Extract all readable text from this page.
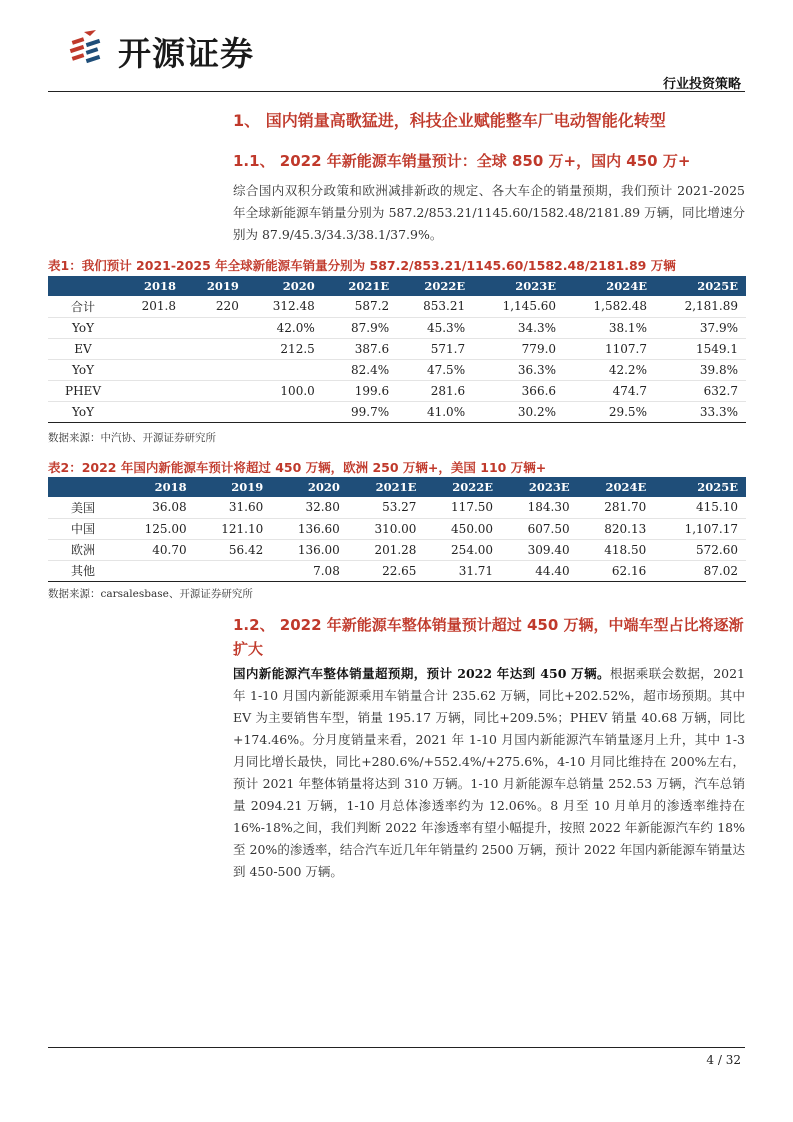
开源证券
行业投资策略
1、 国内销量高歌猛进，科技企业赋能整车厂电动智能化转型
1.1、 2022 年新能源车销量预计：全球 850 万+，国内 450 万+
综合国内双积分政策和欧洲减排新政的规定、各大车企的销量预期，我们预计 2021-2025 年全球新能源车销量分别为 587.2/853.21/1145.60/1582.48/2181.89 万辆，同比增速分别为 87.9/45.3/34.3/38.1/37.9%。
表1：我们预计 2021-2025 年全球新能源车销量分别为 587.2/853.21/1145.60/1582.48/2181.89 万辆
	2018	2019	2020	2021E	2022E	2023E	2024E	2025E
合计	201.8	220	312.48	587.2	853.21	1,145.60	1,582.48	2,181.89
YoY			42.0%	87.9%	45.3%	34.3%	38.1%	37.9%
EV			212.5	387.6	571.7	779.0	1107.7	1549.1
YoY				82.4%	47.5%	36.3%	42.2%	39.8%
PHEV			100.0	199.6	281.6	366.6	474.7	632.7
YoY				99.7%	41.0%	30.2%	29.5%	33.3%
数据来源：中汽协、开源证券研究所
表2：2022 年国内新能源车预计将超过 450 万辆，欧洲 250 万辆+，美国 110 万辆+
	2018	2019	2020	2021E	2022E	2023E	2024E	2025E
美国	36.08	31.60	32.80	53.27	117.50	184.30	281.70	415.10
中国	125.00	121.10	136.60	310.00	450.00	607.50	820.13	1,107.17
欧洲	40.70	56.42	136.00	201.28	254.00	309.40	418.50	572.60
其他			7.08	22.65	31.71	44.40	62.16	87.02
数据来源：carsalesbase、开源证券研究所
1.2、 2022 年新能源车整体销量预计超过 450 万辆，中端车型占比将逐渐扩大
国内新能源汽车整体销量超预期，预计 2022 年达到 450 万辆。根据乘联会数据，2021 年 1-10 月国内新能源乘用车销量合计 235.62 万辆，同比+202.52%，超市场预期。其中 EV 为主要销售车型，销量 195.17 万辆，同比+209.5%；PHEV 销量 40.68 万辆，同比+174.46%。分月度销量来看，2021 年 1-10 月国内新能源汽车销量逐月上升，其中 1-3 月同比增长最快，同比+280.6%/+552.4%/+275.6%，4-10 月同比维持在 200%左右，预计 2021 年整体销量将达到 310 万辆。1-10 月新能源车总销量 252.53 万辆，汽车总销量 2094.21 万辆，1-10 月总体渗透率约为 12.06%。8 月至 10 月单月的渗透率维持在 16%-18%之间，我们判断 2022 年渗透率有望小幅提升，按照 2022 年新能源汽车约 18%至 20%的渗透率，结合汽车近几年年销量约 2500 万辆，预计 2022 年国内新能源车销量达到 450-500 万辆。
4 / 32
